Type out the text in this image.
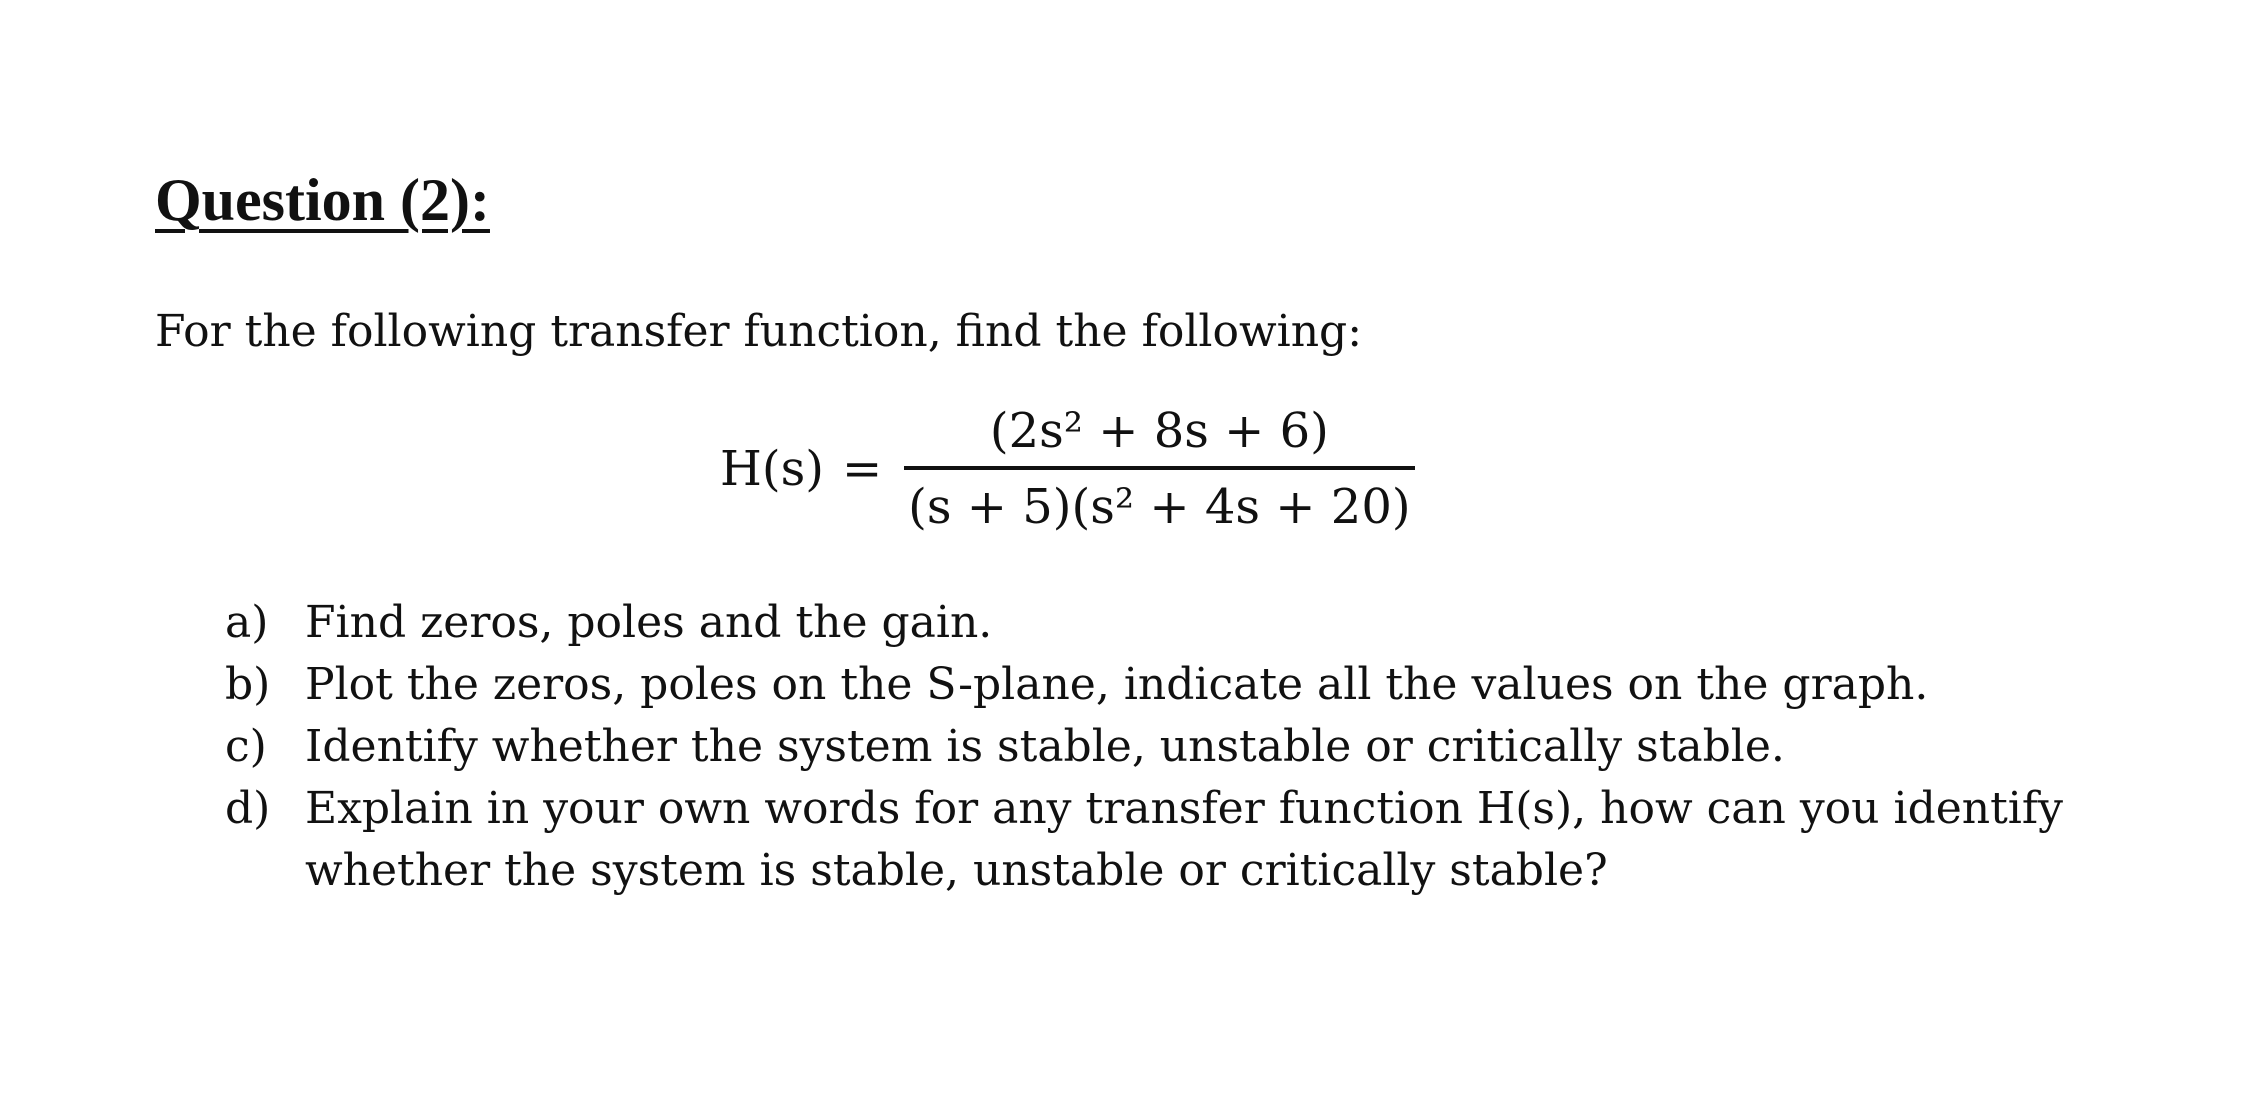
Question (2):

For the following transfer function, find the following:

$H(s) = \frac{\text{(2s² + 8s + 6)}}{\text{(s + 5)(s² + 4s + 20)}}$
a) Find zeros, poles and the gain.
b) Plot the zeros, poles on the S-plane, indicate all the values on the graph.
c) Identify whether the system is stable, unstable or critically stable.
d) Explain in your own words for any transfer function H(s), how can you identify whether the system is stable, unstable or critically stable?
